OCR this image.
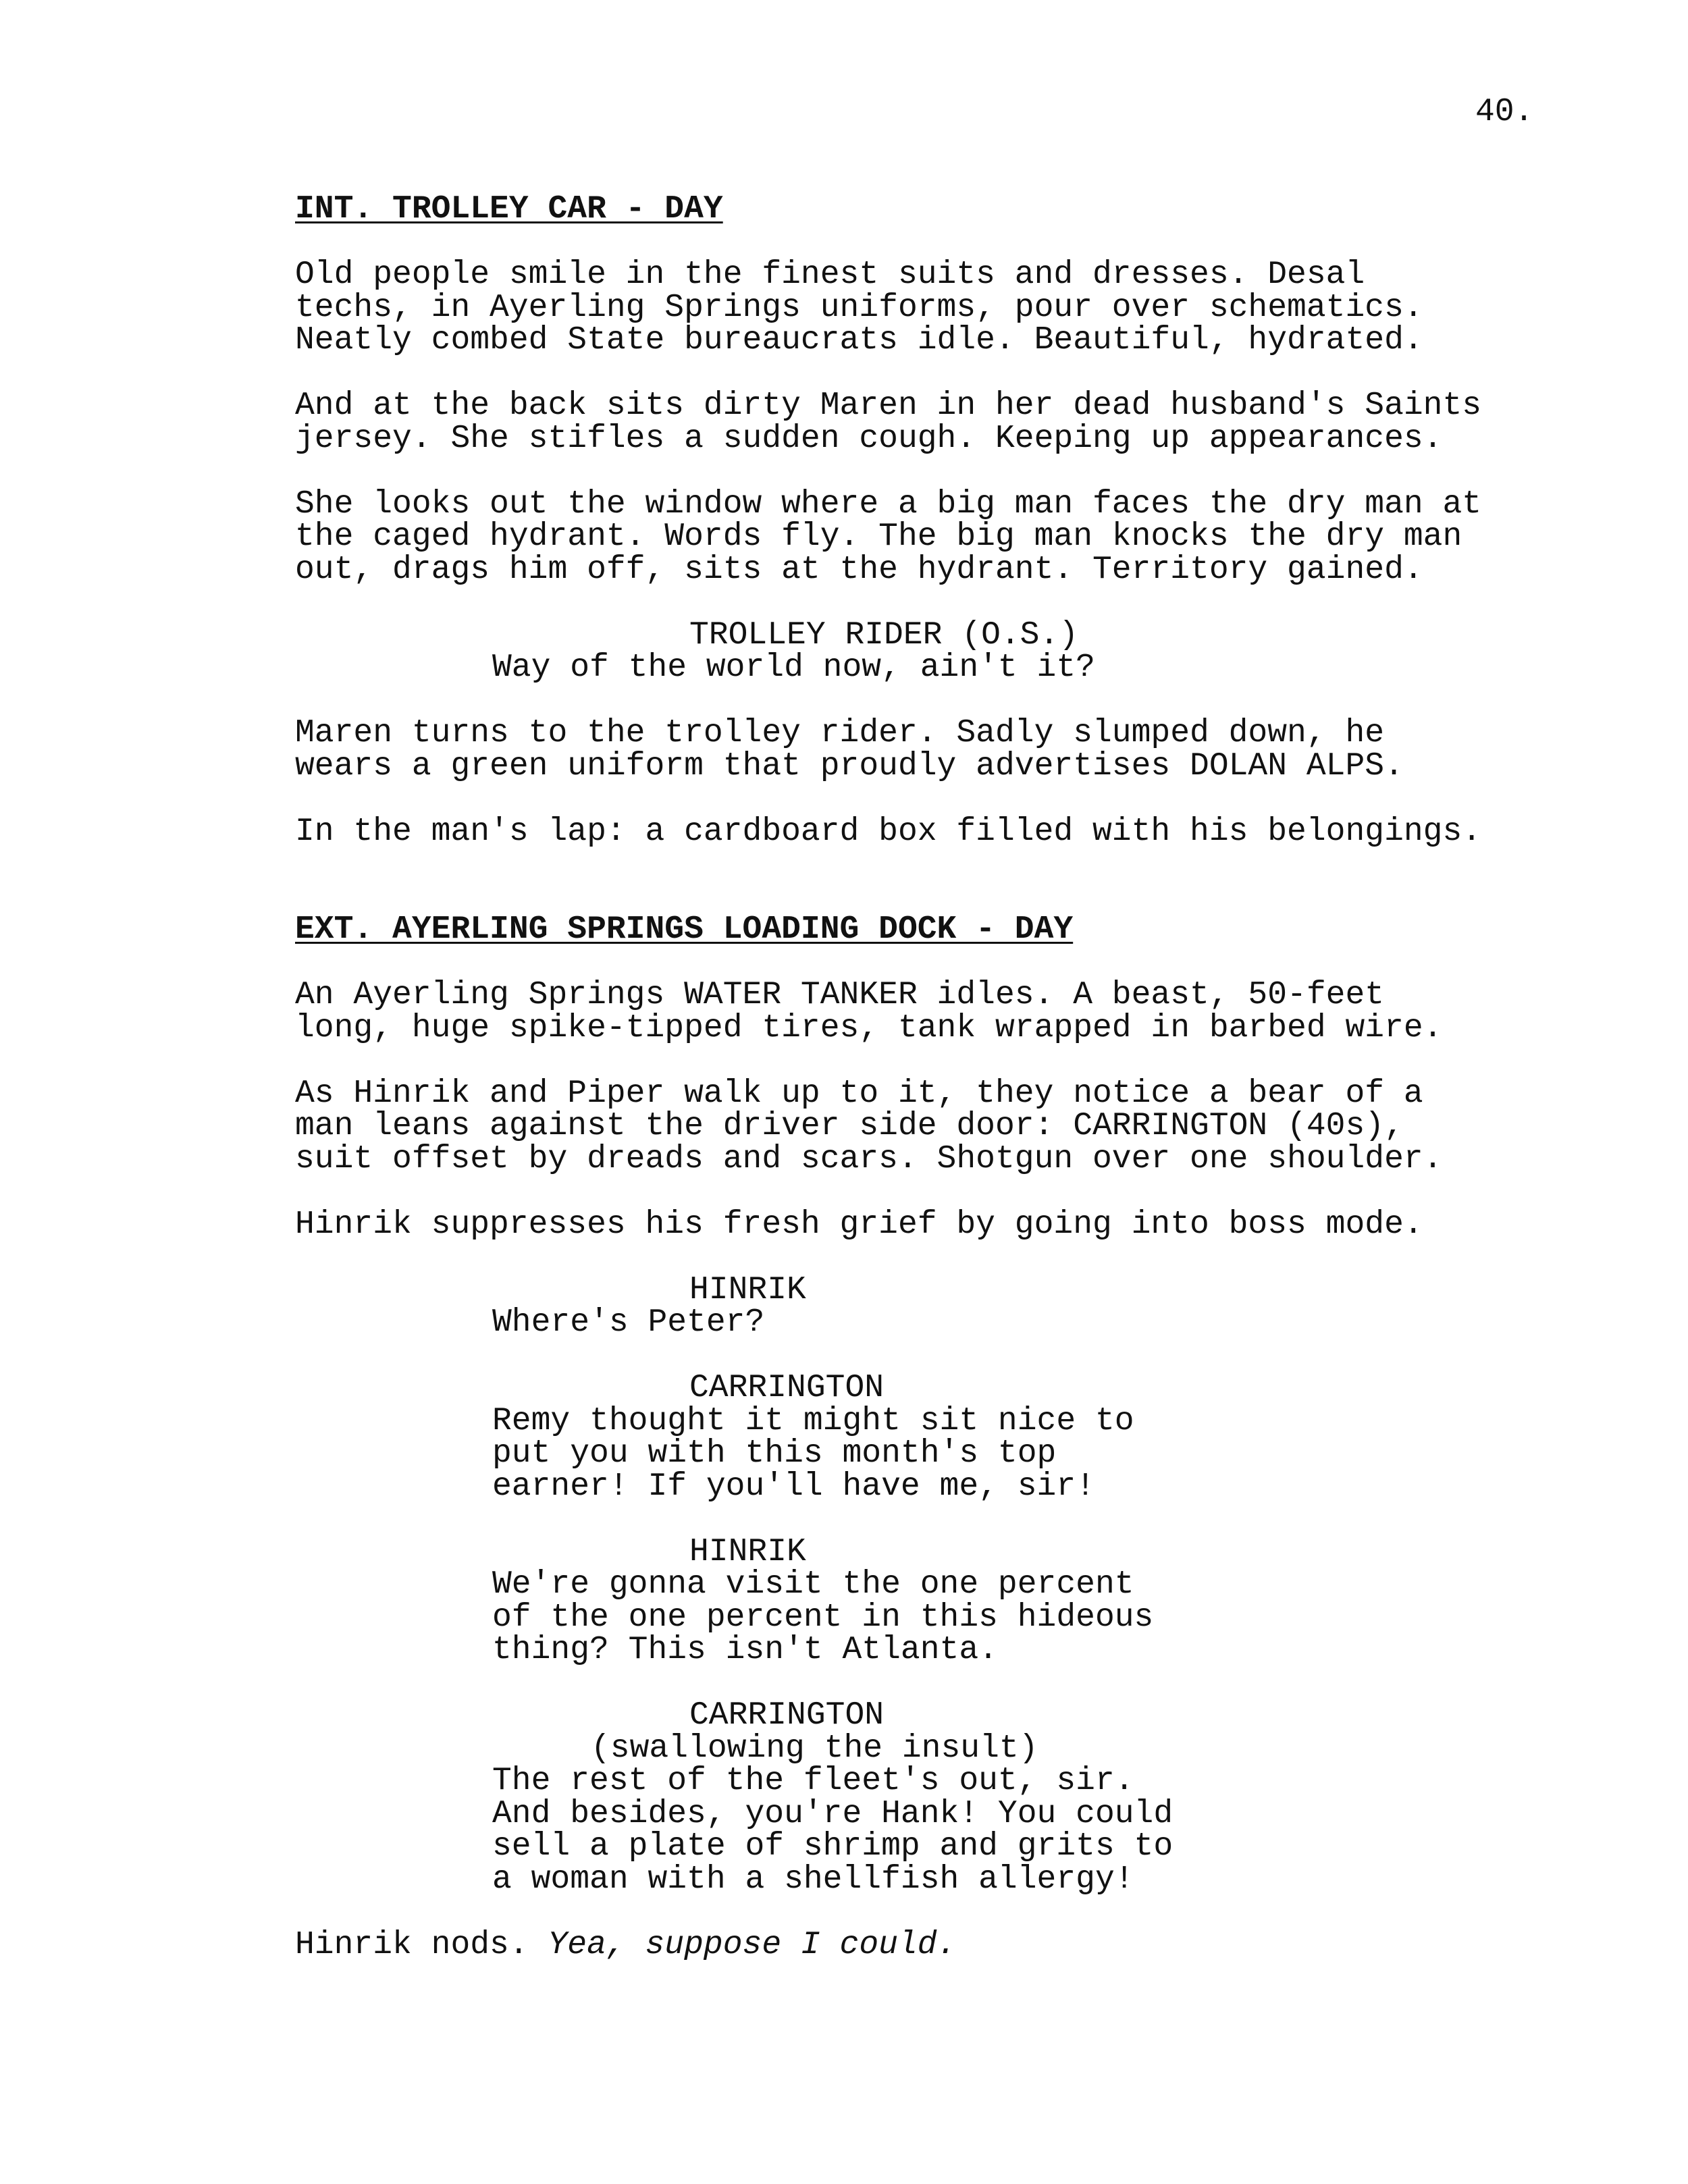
40.
INT. TROLLEY CAR - DAY
Old people smile in the finest suits and dresses. Desal
techs, in Ayerling Springs uniforms, pour over schematics.
Neatly combed State bureaucrats idle. Beautiful, hydrated.
And at the back sits dirty Maren in her dead husband's Saints
jersey. She stifles a sudden cough. Keeping up appearances.
She looks out the window where a big man faces the dry man at
the caged hydrant. Words fly. The big man knocks the dry man
out, drags him off, sits at the hydrant. Territory gained.
TROLLEY RIDER (O.S.)
Way of the world now, ain't it?
Maren turns to the trolley rider. Sadly slumped down, he
wears a green uniform that proudly advertises DOLAN ALPS.
In the man's lap: a cardboard box filled with his belongings.
EXT. AYERLING SPRINGS LOADING DOCK - DAY
An Ayerling Springs WATER TANKER idles. A beast, 50-feet
long, huge spike-tipped tires, tank wrapped in barbed wire.
As Hinrik and Piper walk up to it, they notice a bear of a
man leans against the driver side door: CARRINGTON (40s),
suit offset by dreads and scars. Shotgun over one shoulder.
Hinrik suppresses his fresh grief by going into boss mode.
HINRIK
Where's Peter?
CARRINGTON
Remy thought it might sit nice to
put you with this month's top
earner! If you'll have me, sir!
HINRIK
We're gonna visit the one percent
of the one percent in this hideous
thing? This isn't Atlanta.
CARRINGTON
(swallowing the insult)
The rest of the fleet's out, sir.
And besides, you're Hank! You could
sell a plate of shrimp and grits to
a woman with a shellfish allergy!
Hinrik nods. Yea, suppose I could.
